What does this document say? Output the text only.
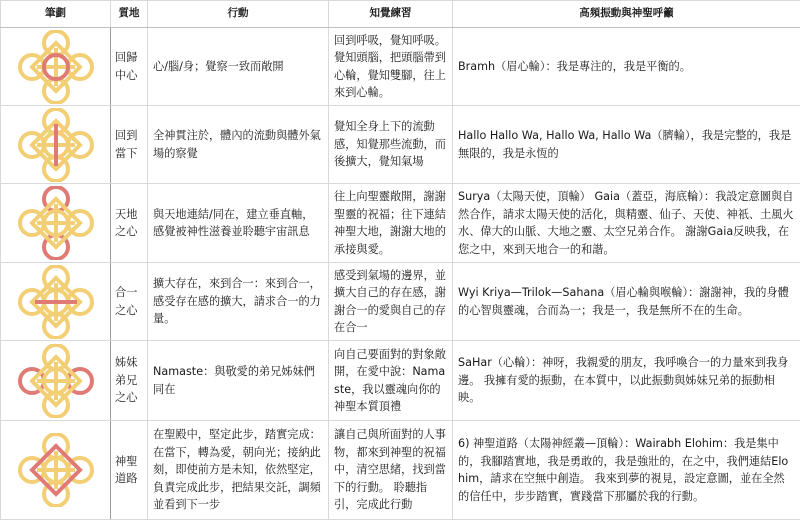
筆劃	質地	行動	知覺練習	高頻振動與神聖呼籲

	回歸中心	心/腦/身；覺察一致而敞開	回到呼吸，覺知呼吸。覺知頭腦，把頭腦帶到心輪，覺知雙腳，往上來到心輪。	Bramh（眉心輪）：我是專注的，我是平衡的。

	回到當下	全神貫注於，體內的流動與體外氣場的察覺	覺知全身上下的流動感，知覺那些流動，而後擴大，覺知氣場	Hallo Hallo Wa, Hallo Wa, Hallo Wa（臍輪），我是完整的，我是無限的，我是永恆的

	天地之心	與天地連結/同在，建立垂直軸，感覺被神性滋養並聆聽宇宙訊息	往上向聖靈敞開，謝謝聖靈的祝福；往下連結神聖大地，謝謝大地的承接與愛。	Surya（太陽天使，頂輪） Gaia（蓋亞，海底輪）：我設定意圖與自然合作，請求太陽天使的活化，與精靈、仙子、天使、神祇、土風火水、偉大的山脈、大地之靈、太空兄弟合作。 謝謝Gaia反映我，在您之中，來到天地合一的和諧。

	合一之心	擴大存在，來到合一：來到合一，感受存在感的擴大，請求合一的力量。	感受到氣場的邊界，並擴大自己的存在感，謝謝合一的愛與自己的存在合一	Wyi Kriya—Trilok—Sahana（眉心輪與喉輪）：謝謝神，我的身體的心智與靈魂，合而為一；我是一，我是無所不在的生命。

	姊妹弟兄之心	Namaste：與敬愛的弟兄姊妹們同在	向自己要面對的對象敞開，在愛中說：Namaste，我以靈魂向你的神聖本質頂禮	SaHar（心輪）：神呀，我親愛的朋友，我呼喚合一的力量來到我身邊。 我擁有愛的振動，在本質中，以此振動與姊妹兄弟的振動相映。

	神聖道路	在聖殿中，堅定此步，踏實完成：在當下，轉為愛，朝向光；接納此刻，即使前方是未知，依然堅定，負責完成此步，把結果交託，調頻並看到下一步	讓自己與所面對的人事物，都來到神聖的祝福中，清空思緒，找到當下的行動。 聆聽指引，完成此行動	6) 神聖道路（太陽神經叢—頂輪）：Wairabh Elohim：我是集中的，我腳踏實地，我是勇敢的，我是強壯的，在之中，我們連結Elohim，請求在空無中創造。 我來到夢的視見，設定意圖，並在全然的信任中，步步踏實，實踐當下那屬於我的行動。
